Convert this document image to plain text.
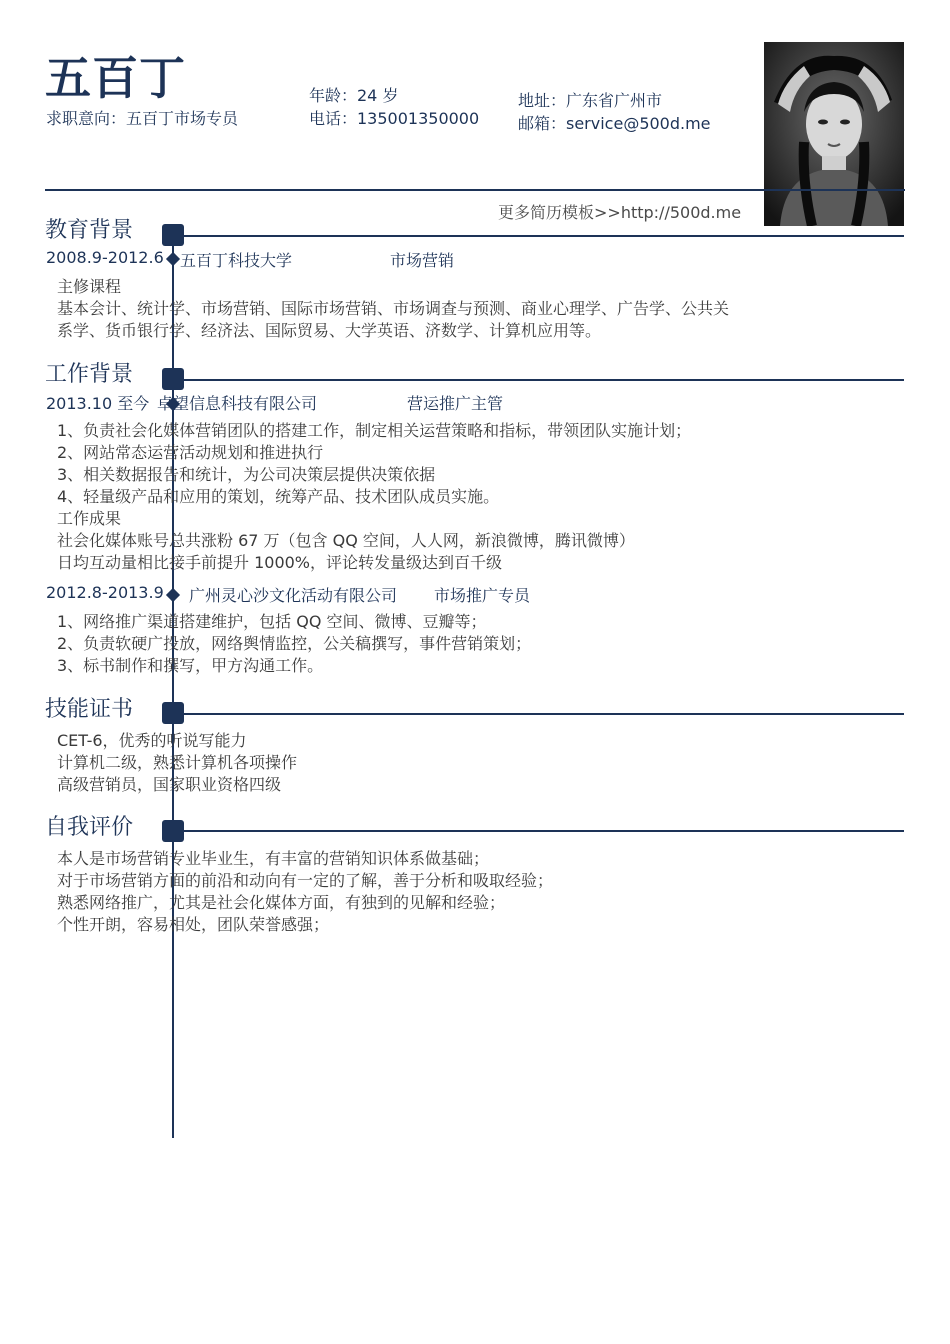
五百丁
求职意向：五百丁市场专员
年龄：24 岁
电话：135001350000
地址：广东省广州市
邮箱：service@500d.me
更多简历模板>>http://500d.me
教育背景
2008.9-2012.6 五百丁科技大学	市场营销
主修课程
基本会计、统计学、市场营销、国际市场营销、市场调查与预测、商业心理学、广告学、公共关
系学、货币银行学、经济法、国际贸易、大学英语、济数学、计算机应用等。
工作背景
2013.10 至今 卓望信息科技有限公司	营运推广主管
1、负责社会化媒体营销团队的搭建工作，制定相关运营策略和指标，带领团队实施计划；
2、网站常态运营活动规划和推进执行
3、相关数据报告和统计，为公司决策层提供决策依据
4、轻量级产品和应用的策划，统筹产品、技术团队成员实施。
工作成果
社会化媒体账号总共涨粉 67 万（包含 QQ 空间，人人网，新浪微博，腾讯微博）
日均互动量相比接手前提升 1000%，评论转发量级达到百千级
2012.8-2013.9 广州灵心沙文化活动有限公司 市场推广专员
1、网络推广渠道搭建维护，包括 QQ 空间、微博、豆瓣等；
2、负责软硬广投放，网络舆情监控，公关稿撰写，事件营销策划；
3、标书制作和撰写，甲方沟通工作。
技能证书
CET-6，优秀的听说写能力
计算机二级，熟悉计算机各项操作
高级营销员，国家职业资格四级
自我评价
本人是市场营销专业毕业生，有丰富的营销知识体系做基础；
对于市场营销方面的前沿和动向有一定的了解，善于分析和吸取经验；
熟悉网络推广，尤其是社会化媒体方面，有独到的见解和经验；
个性开朗，容易相处，团队荣誉感强；
